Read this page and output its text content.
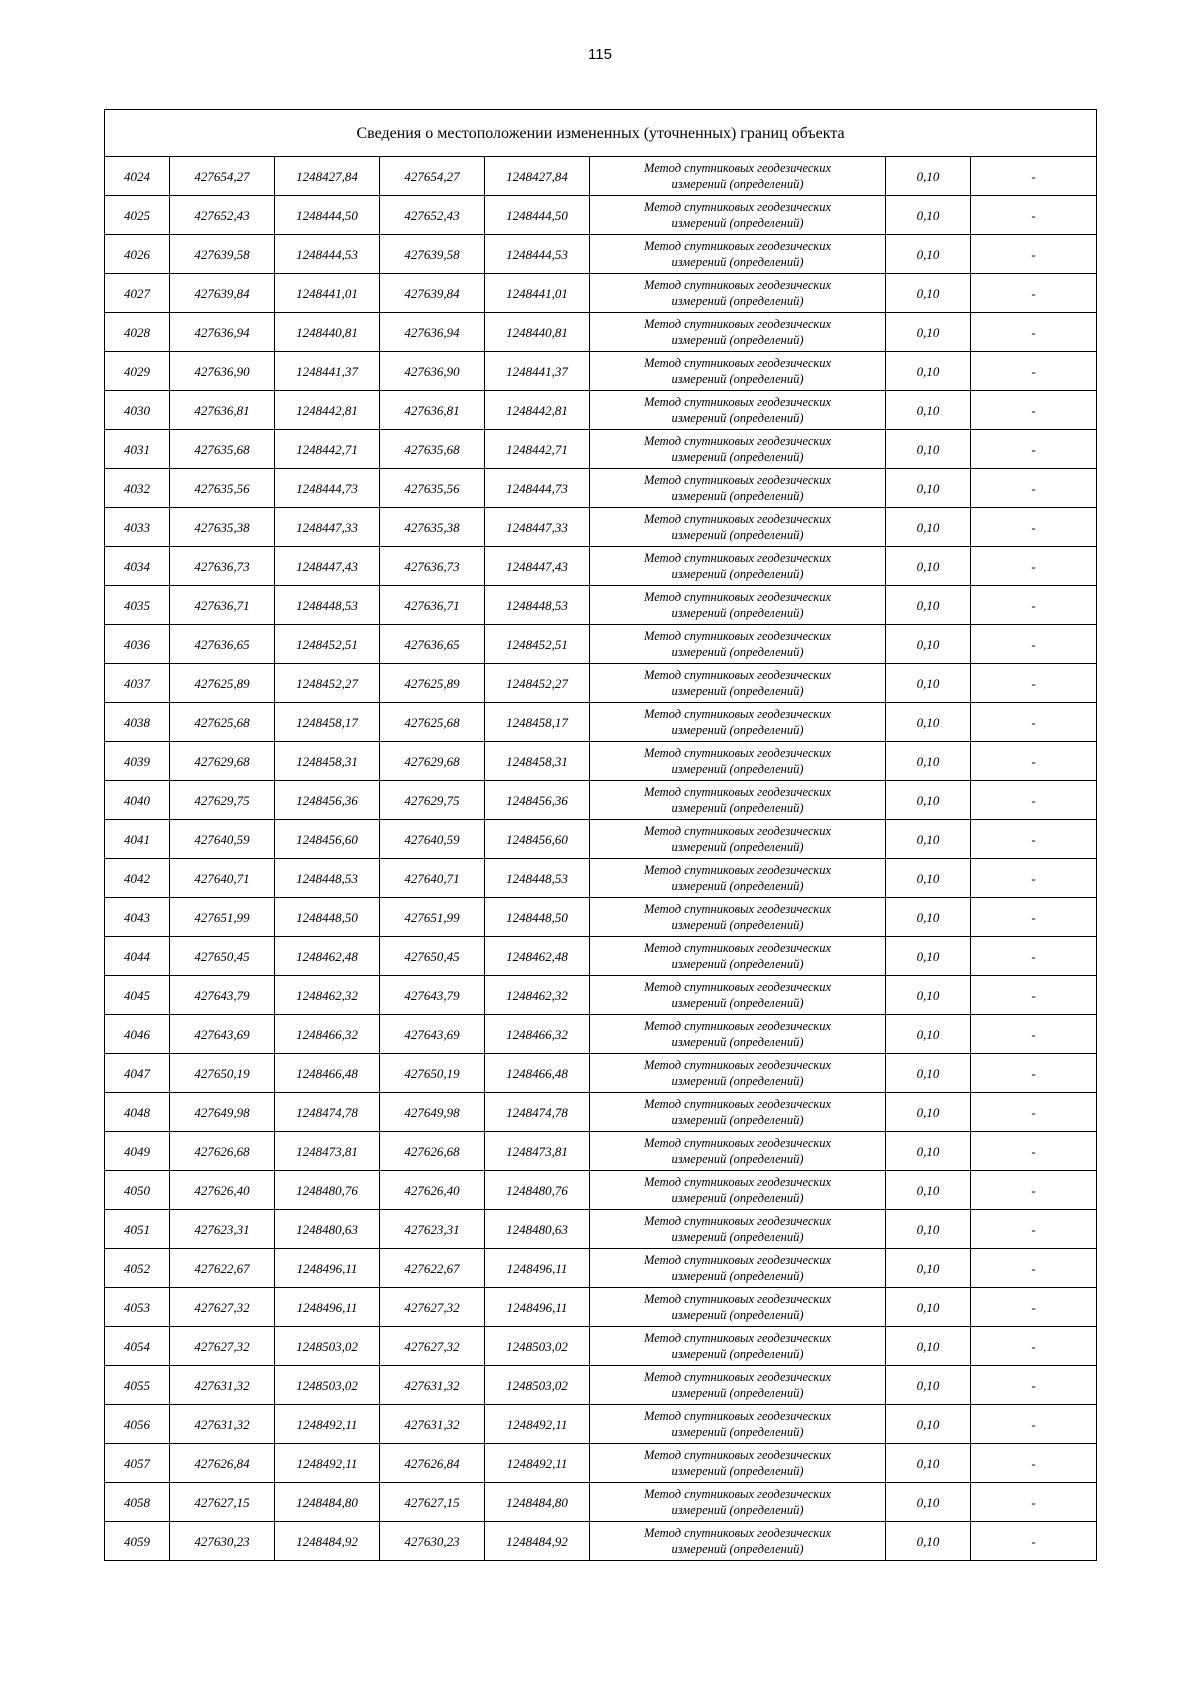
115
Сведения о местоположении измененных (уточненных) границ объекта							
4024	427654,27	1248427,84	427654,27	1248427,84	Метод спутниковых геодезических
измерений (определений)	0,10	-
4025	427652,43	1248444,50	427652,43	1248444,50	Метод спутниковых геодезических
измерений (определений)	0,10	-
4026	427639,58	1248444,53	427639,58	1248444,53	Метод спутниковых геодезических
измерений (определений)	0,10	-
4027	427639,84	1248441,01	427639,84	1248441,01	Метод спутниковых геодезических
измерений (определений)	0,10	-
4028	427636,94	1248440,81	427636,94	1248440,81	Метод спутниковых геодезических
измерений (определений)	0,10	-
4029	427636,90	1248441,37	427636,90	1248441,37	Метод спутниковых геодезических
измерений (определений)	0,10	-
4030	427636,81	1248442,81	427636,81	1248442,81	Метод спутниковых геодезических
измерений (определений)	0,10	-
4031	427635,68	1248442,71	427635,68	1248442,71	Метод спутниковых геодезических
измерений (определений)	0,10	-
4032	427635,56	1248444,73	427635,56	1248444,73	Метод спутниковых геодезических
измерений (определений)	0,10	-
4033	427635,38	1248447,33	427635,38	1248447,33	Метод спутниковых геодезических
измерений (определений)	0,10	-
4034	427636,73	1248447,43	427636,73	1248447,43	Метод спутниковых геодезических
измерений (определений)	0,10	-
4035	427636,71	1248448,53	427636,71	1248448,53	Метод спутниковых геодезических
измерений (определений)	0,10	-
4036	427636,65	1248452,51	427636,65	1248452,51	Метод спутниковых геодезических
измерений (определений)	0,10	-
4037	427625,89	1248452,27	427625,89	1248452,27	Метод спутниковых геодезических
измерений (определений)	0,10	-
4038	427625,68	1248458,17	427625,68	1248458,17	Метод спутниковых геодезических
измерений (определений)	0,10	-
4039	427629,68	1248458,31	427629,68	1248458,31	Метод спутниковых геодезических
измерений (определений)	0,10	-
4040	427629,75	1248456,36	427629,75	1248456,36	Метод спутниковых геодезических
измерений (определений)	0,10	-
4041	427640,59	1248456,60	427640,59	1248456,60	Метод спутниковых геодезических
измерений (определений)	0,10	-
4042	427640,71	1248448,53	427640,71	1248448,53	Метод спутниковых геодезических
измерений (определений)	0,10	-
4043	427651,99	1248448,50	427651,99	1248448,50	Метод спутниковых геодезических
измерений (определений)	0,10	-
4044	427650,45	1248462,48	427650,45	1248462,48	Метод спутниковых геодезических
измерений (определений)	0,10	-
4045	427643,79	1248462,32	427643,79	1248462,32	Метод спутниковых геодезических
измерений (определений)	0,10	-
4046	427643,69	1248466,32	427643,69	1248466,32	Метод спутниковых геодезических
измерений (определений)	0,10	-
4047	427650,19	1248466,48	427650,19	1248466,48	Метод спутниковых геодезических
измерений (определений)	0,10	-
4048	427649,98	1248474,78	427649,98	1248474,78	Метод спутниковых геодезических
измерений (определений)	0,10	-
4049	427626,68	1248473,81	427626,68	1248473,81	Метод спутниковых геодезических
измерений (определений)	0,10	-
4050	427626,40	1248480,76	427626,40	1248480,76	Метод спутниковых геодезических
измерений (определений)	0,10	-
4051	427623,31	1248480,63	427623,31	1248480,63	Метод спутниковых геодезических
измерений (определений)	0,10	-
4052	427622,67	1248496,11	427622,67	1248496,11	Метод спутниковых геодезических
измерений (определений)	0,10	-
4053	427627,32	1248496,11	427627,32	1248496,11	Метод спутниковых геодезических
измерений (определений)	0,10	-
4054	427627,32	1248503,02	427627,32	1248503,02	Метод спутниковых геодезических
измерений (определений)	0,10	-
4055	427631,32	1248503,02	427631,32	1248503,02	Метод спутниковых геодезических
измерений (определений)	0,10	-
4056	427631,32	1248492,11	427631,32	1248492,11	Метод спутниковых геодезических
измерений (определений)	0,10	-
4057	427626,84	1248492,11	427626,84	1248492,11	Метод спутниковых геодезических
измерений (определений)	0,10	-
4058	427627,15	1248484,80	427627,15	1248484,80	Метод спутниковых геодезических
измерений (определений)	0,10	-
4059	427630,23	1248484,92	427630,23	1248484,92	Метод спутниковых геодезических
измерений (определений)	0,10	-
